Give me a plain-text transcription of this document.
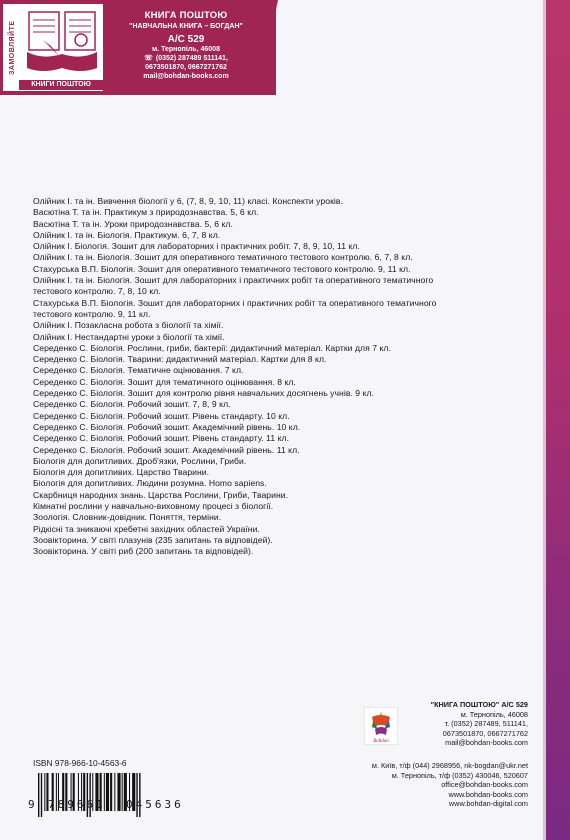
ЗАМОВЛЯЙТЕ
КНИГИ ПОШТОЮ
КНИГА ПОШТОЮ
"НАВЧАЛЬНА КНИГА – БОГДАН"
А/С 529
м. Тернопіль, 46008
☏ (0352) 287489 511141,
0673501870, 0667271762
mail@bohdan-books.com
Олійник І. та ін. Вивчення біології у 6, (7, 8, 9, 10, 11) класі. Конспекти уроків.
Васютіна Т. та ін. Практикум з природознавства. 5, 6 кл.
Васютіна Т. та ін. Уроки природознавства. 5, 6 кл.
Олійник І. та ін. Біологія. Практикум. 6, 7, 8 кл.
Олійник І. Біологія. Зошит для лабораторних і практичних робіт. 7, 8, 9, 10, 11 кл.
Олійник І. та ін. Біологія. Зошит для оперативного тематичного тестового контролю. 6, 7, 8 кл.
Стахурська В.П. Біологія. Зошит для оперативного тематичного тестового контролю. 9, 11 кл.
Олійник І. та ін. Біологія. Зошит для лабораторних і практичних робіт та оперативного тематичного
тестового контролю. 7, 8, 10 кл.
Стахурська В.П. Біологія. Зошит для лабораторних і практичних робіт та оперативного тематичного
тестового контролю. 9, 11 кл.
Олійник І. Позакласна робота з біології та хімії.
Олійник І. Нестандартні уроки з біології та хімії.
Середенко С. Біологія. Рослини, гриби, бактерії: дидактичний матеріал. Картки для 7 кл.
Середенко С. Біологія. Тварини: дидактичний матеріал. Картки для 8 кл.
Середенко С. Біологія. Тематичне оцінювання. 7 кл.
Середенко С. Біологія. Зошит для тематичного оцінювання. 8 кл.
Середенко С. Біологія. Зошит для контролю рівня навчальних досягнень учнів. 9 кл.
Середенко С. Біологія. Робочий зошит. 7, 8, 9 кл.
Середенко С. Біологія. Робочий зошит. Рівень стандарту. 10 кл.
Середенко С. Біологія. Робочий зошит. Академічний рівень. 10 кл.
Середенко С. Біологія. Робочий зошит. Рівень стандарту. 11 кл.
Середенко С. Біологія. Робочий зошит. Академічний рівень. 11 кл.
Біологія для допитливих. Дроб'язки, Рослини, Гриби.
Біологія для допитливих. Царство Тварини.
Біологія для допитливих. Людини розумна. Homo sapiens.
Скарбниця народних знань. Царства Рослини, Гриби, Тварини.
Кімнатні рослини у навчально-виховному процесі з біології.
Зоологія. Словник-довідник. Поняття, терміни.
Рідкісні та зникаючі хребетні західних областей України.
Зоовікторина. У світі плазунів (235 запитань та відповідей).
Зоовікторина. У світі риб (200 запитань та відповідей).
Bohdan
"КНИГА ПОШТОЮ" А/С 529
м. Тернопіль, 46008
т. (0352) 287489, 511141,
0673501870, 0667271762
mail@bohdan-books.com
м. Київ, т/ф (044) 2968956, nk-bogdan@ukr.net
м. Тернопіль, т/ф (0352) 430046, 520607
office@bohdan-books.com
www.bohdan-books.com
www.bohdan-digital.com
ISBN 978-966-10-4563-6
9 789661 045636
